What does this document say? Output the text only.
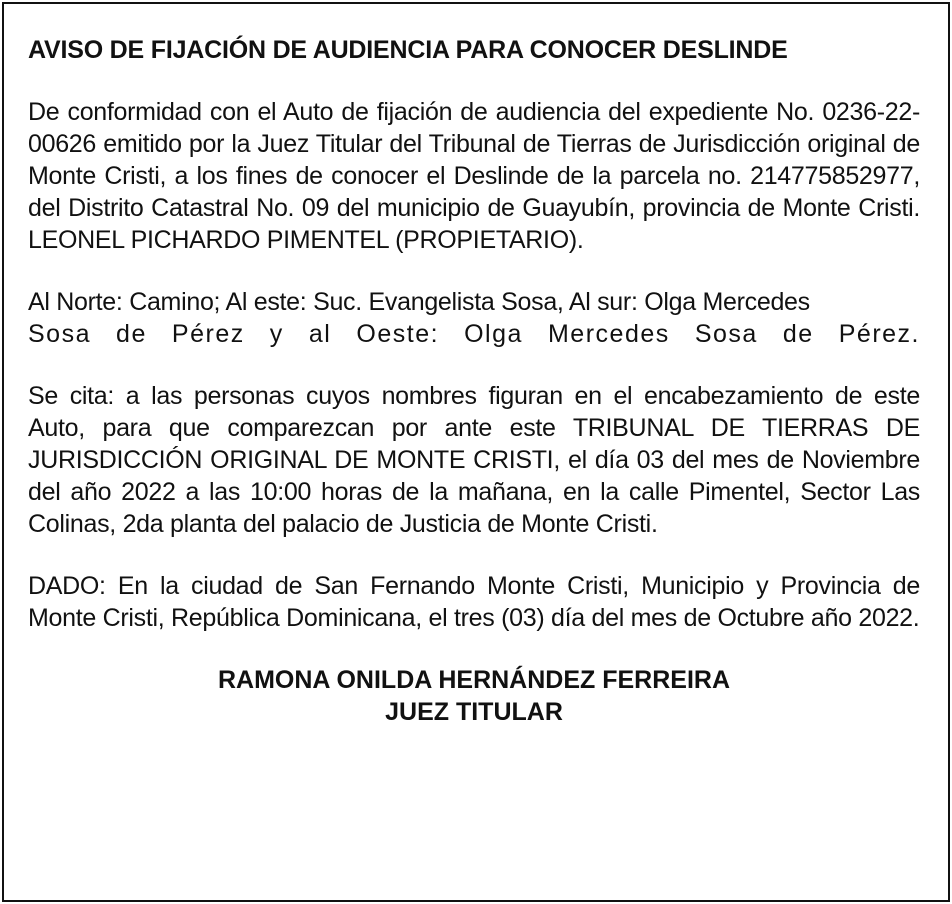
AVISO DE FIJACIÓN DE AUDIENCIA PARA CONOCER DESLINDE

De conformidad con el Auto de fijación de audiencia del expediente No. 0236-22-00626 emitido por la Juez Titular del Tribunal de Tierras de Jurisdicción original de Monte Cristi, a los fines de conocer el Deslinde de la parcela no. 214775852977, del Distrito Catastral No. 09 del municipio de Guayubín, provincia de Monte Cristi. LEONEL PICHARDO PIMENTEL (PROPIETARIO).

Al Norte: Camino; Al este: Suc. Evangelista Sosa, Al sur: Olga Mercedes
Sosa de Pérez y al Oeste: Olga Mercedes Sosa de Pérez.

Se cita: a las personas cuyos nombres figuran en el encabezamiento de este Auto, para que comparezcan por ante este TRIBUNAL DE TIERRAS DE JURISDICCIÓN ORIGINAL DE MONTE CRISTI, el día 03 del mes de Noviembre del año 2022 a las 10:00 horas de la mañana, en la calle Pimentel, Sector Las Colinas, 2da planta del palacio de Justicia de Monte Cristi.

DADO: En la ciudad de San Fernando Monte Cristi, Municipio y Provincia de Monte Cristi, República Dominicana, el tres (03) día del mes de Octubre año 2022.

RAMONA ONILDA HERNÁNDEZ FERREIRA
JUEZ TITULAR
